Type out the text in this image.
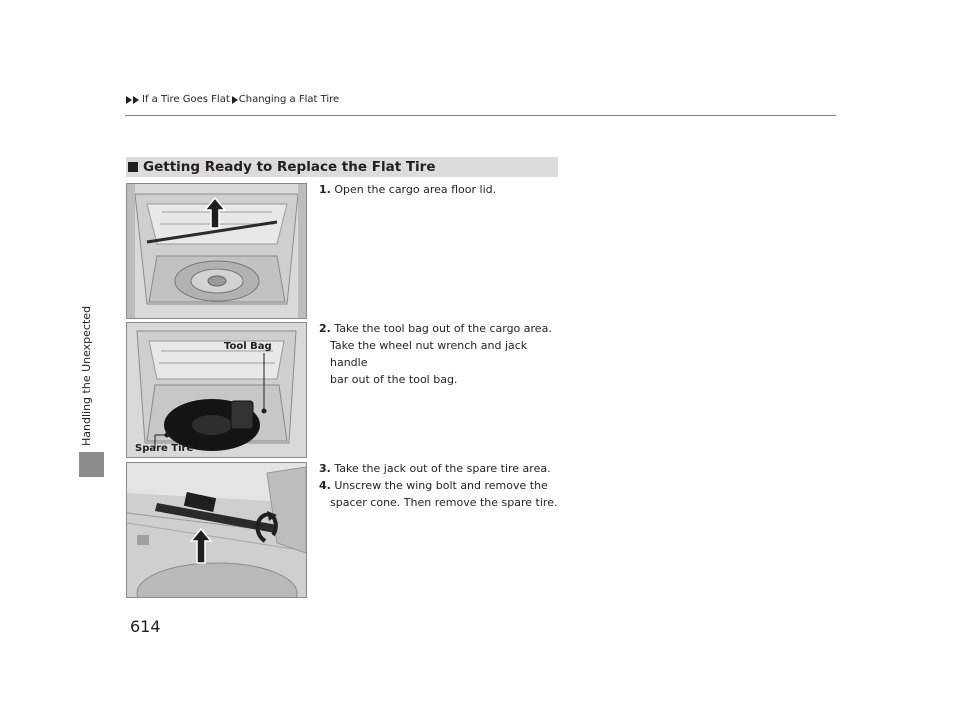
If a Tire Goes Flat Changing a Flat Tire
Handling the Unexpected
614
Getting Ready to Replace the Flat Tire
Tool Bag
Spare Tire
1. Open the cargo area floor lid.
2. Take the tool bag out of the cargo area.
Take the wheel nut wrench and jack handle
bar out of the tool bag.
3. Take the jack out of the spare tire area.
4. Unscrew the wing bolt and remove the
spacer cone. Then remove the spare tire.
